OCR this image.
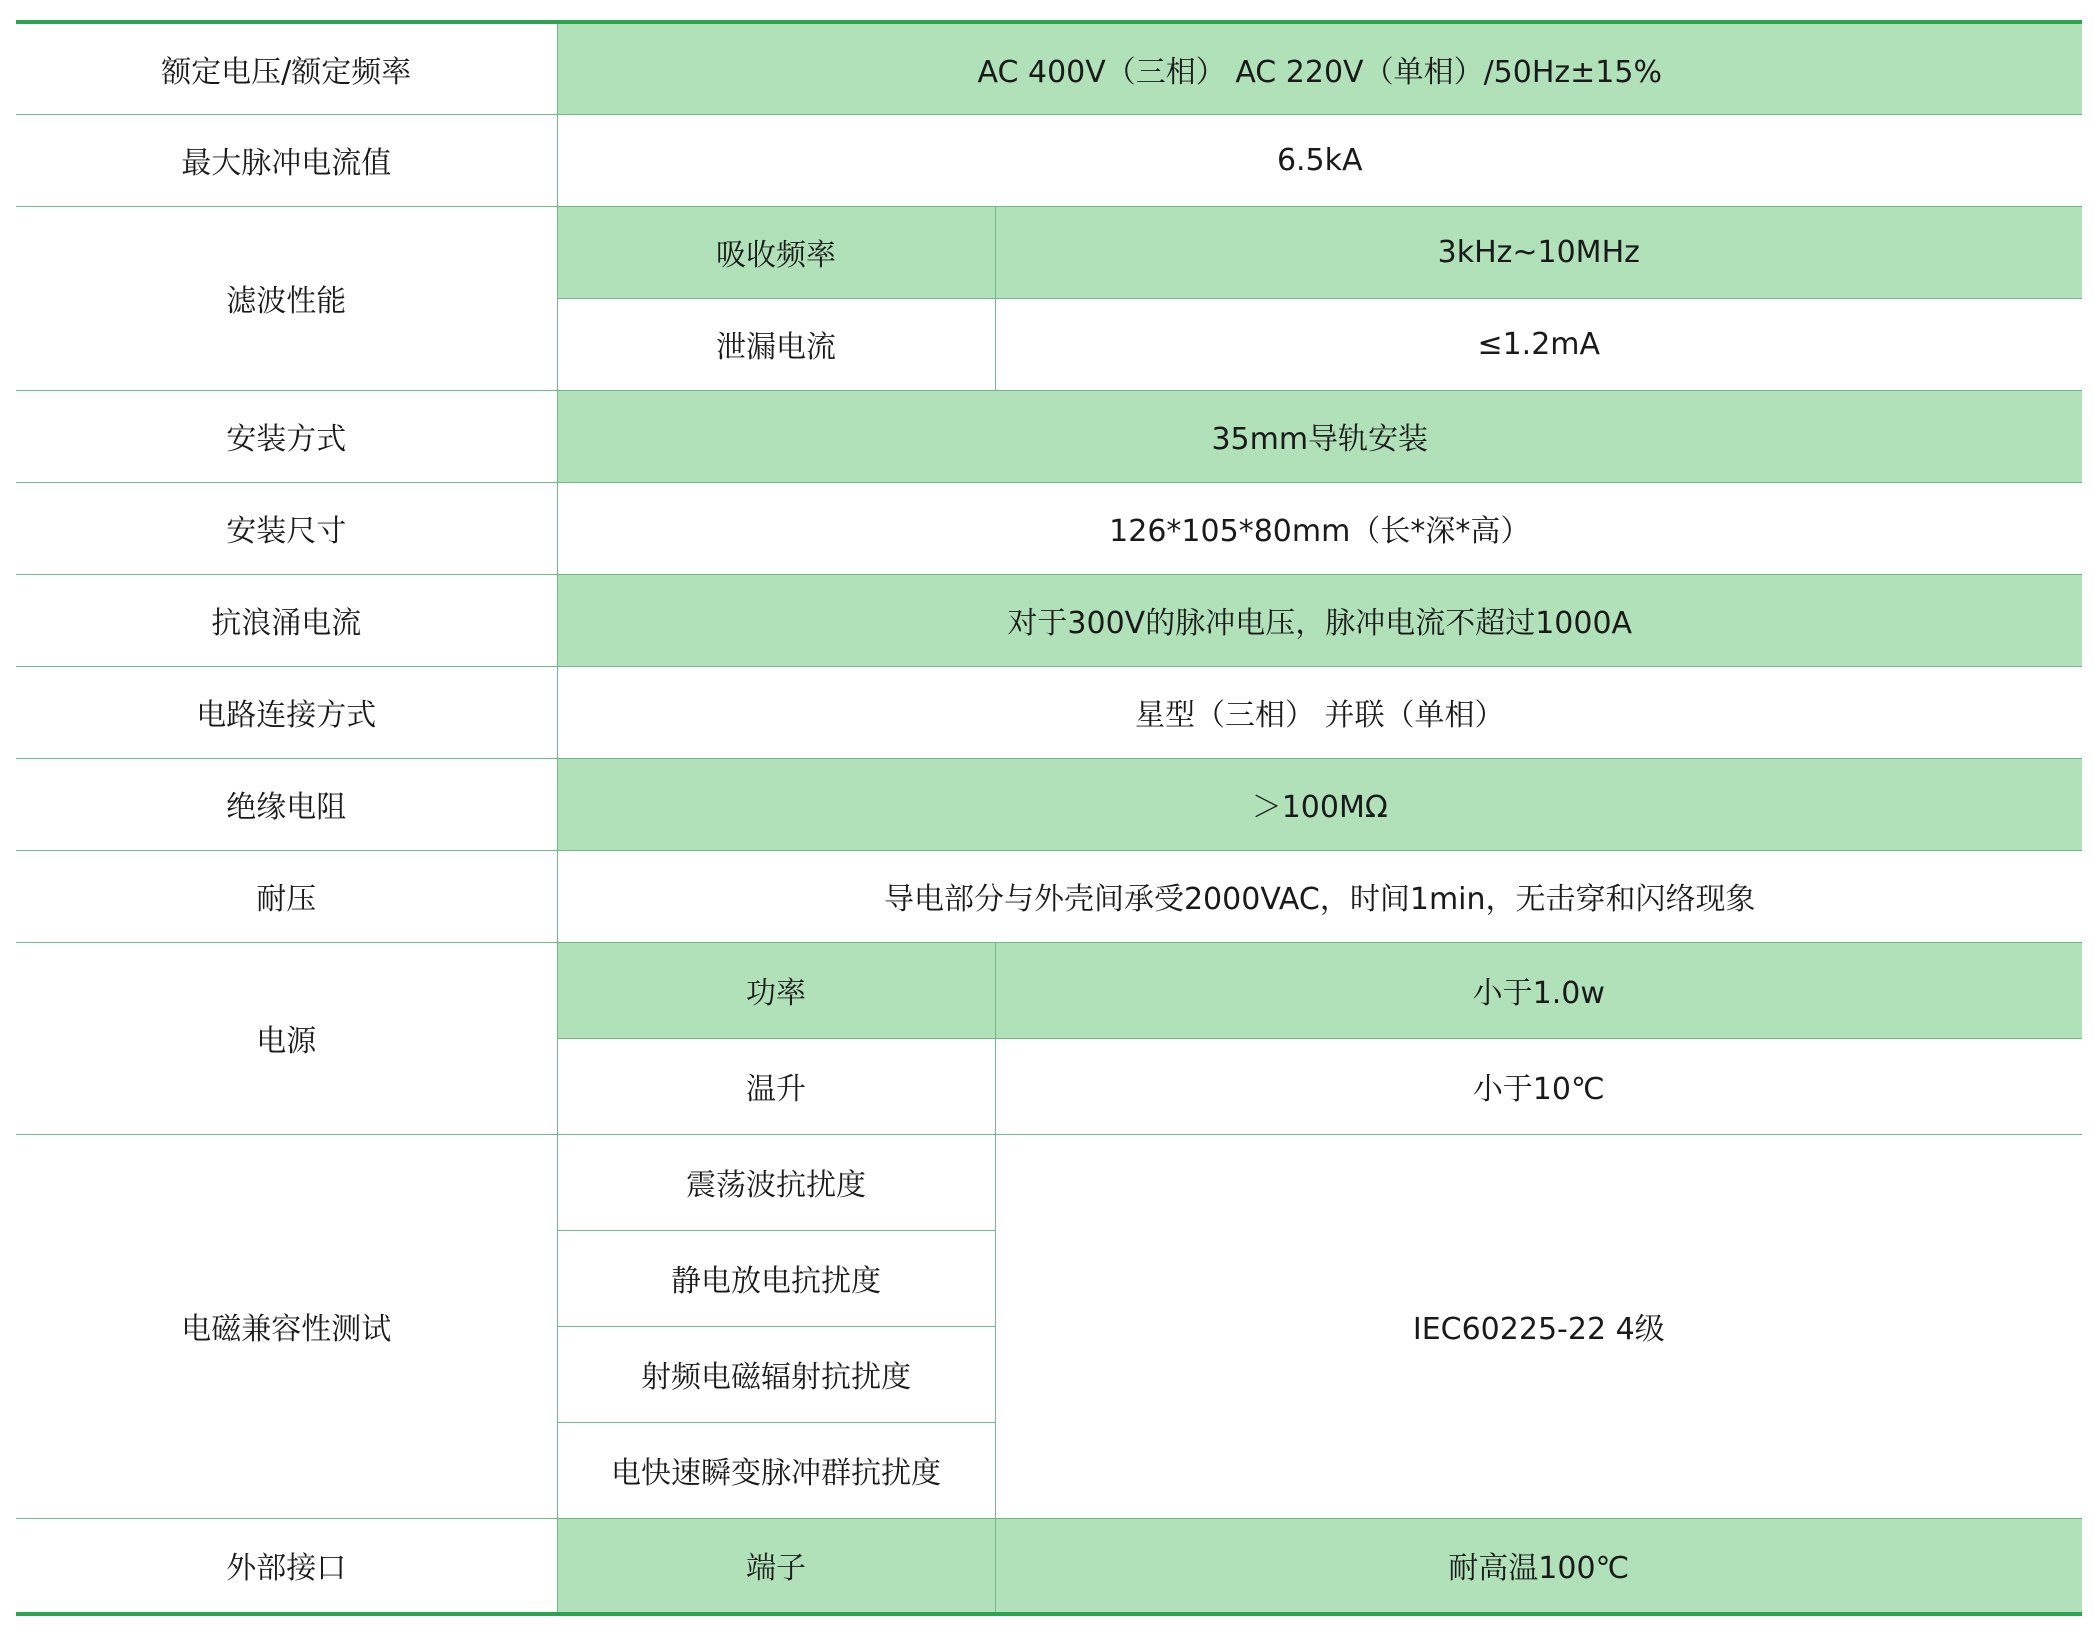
额定电压/额定频率	AC 400V（三相） AC 220V（单相）/50Hz±15%	
最大脉冲电流值	6.5kA	
滤波性能	吸收频率	3kHz~10MHz
	泄漏电流	≤1.2mA
安装方式	35mm导轨安装	
安装尺寸	126*105*80mm（长*深*高）	
抗浪涌电流	对于300V的脉冲电压，脉冲电流不超过1000A	
电路连接方式	星型（三相） 并联（单相）	
绝缘电阻	＞100MΩ	
耐压	导电部分与外壳间承受2000VAC，时间1min，无击穿和闪络现象	
电源	功率	小于1.0w
	温升	小于10℃
电磁兼容性测试	震荡波抗扰度	IEC60225-22 4级
	静电放电抗扰度	
	射频电磁辐射抗扰度	
	电快速瞬变脉冲群抗扰度	
外部接口	端子	耐高温100℃
